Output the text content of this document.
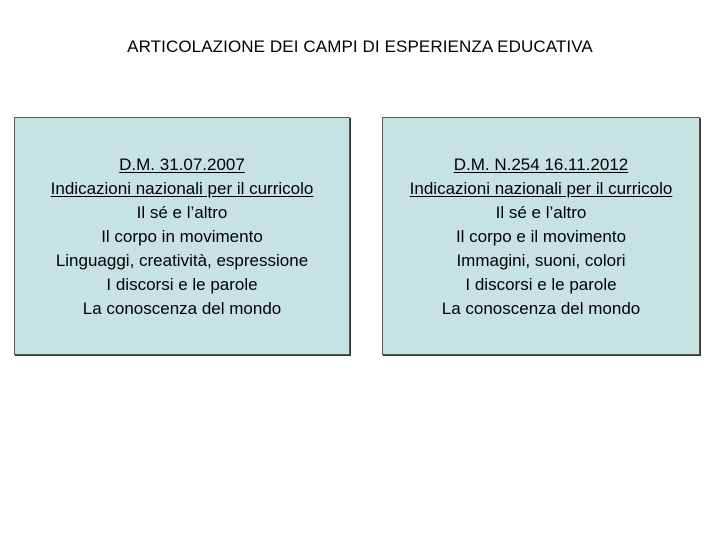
ARTICOLAZIONE DEI CAMPI DI ESPERIENZA EDUCATIVA
D.M. 31.07.2007
Indicazioni nazionali per il curricolo
Il sé e l’altro
Il corpo in movimento
Linguaggi, creatività, espressione
I discorsi e le parole
La conoscenza del mondo
D.M. N.254 16.11.2012
Indicazioni nazionali per il curricolo
Il sé e l’altro
Il corpo e il movimento
Immagini, suoni, colori
I discorsi e le parole
La conoscenza del mondo
